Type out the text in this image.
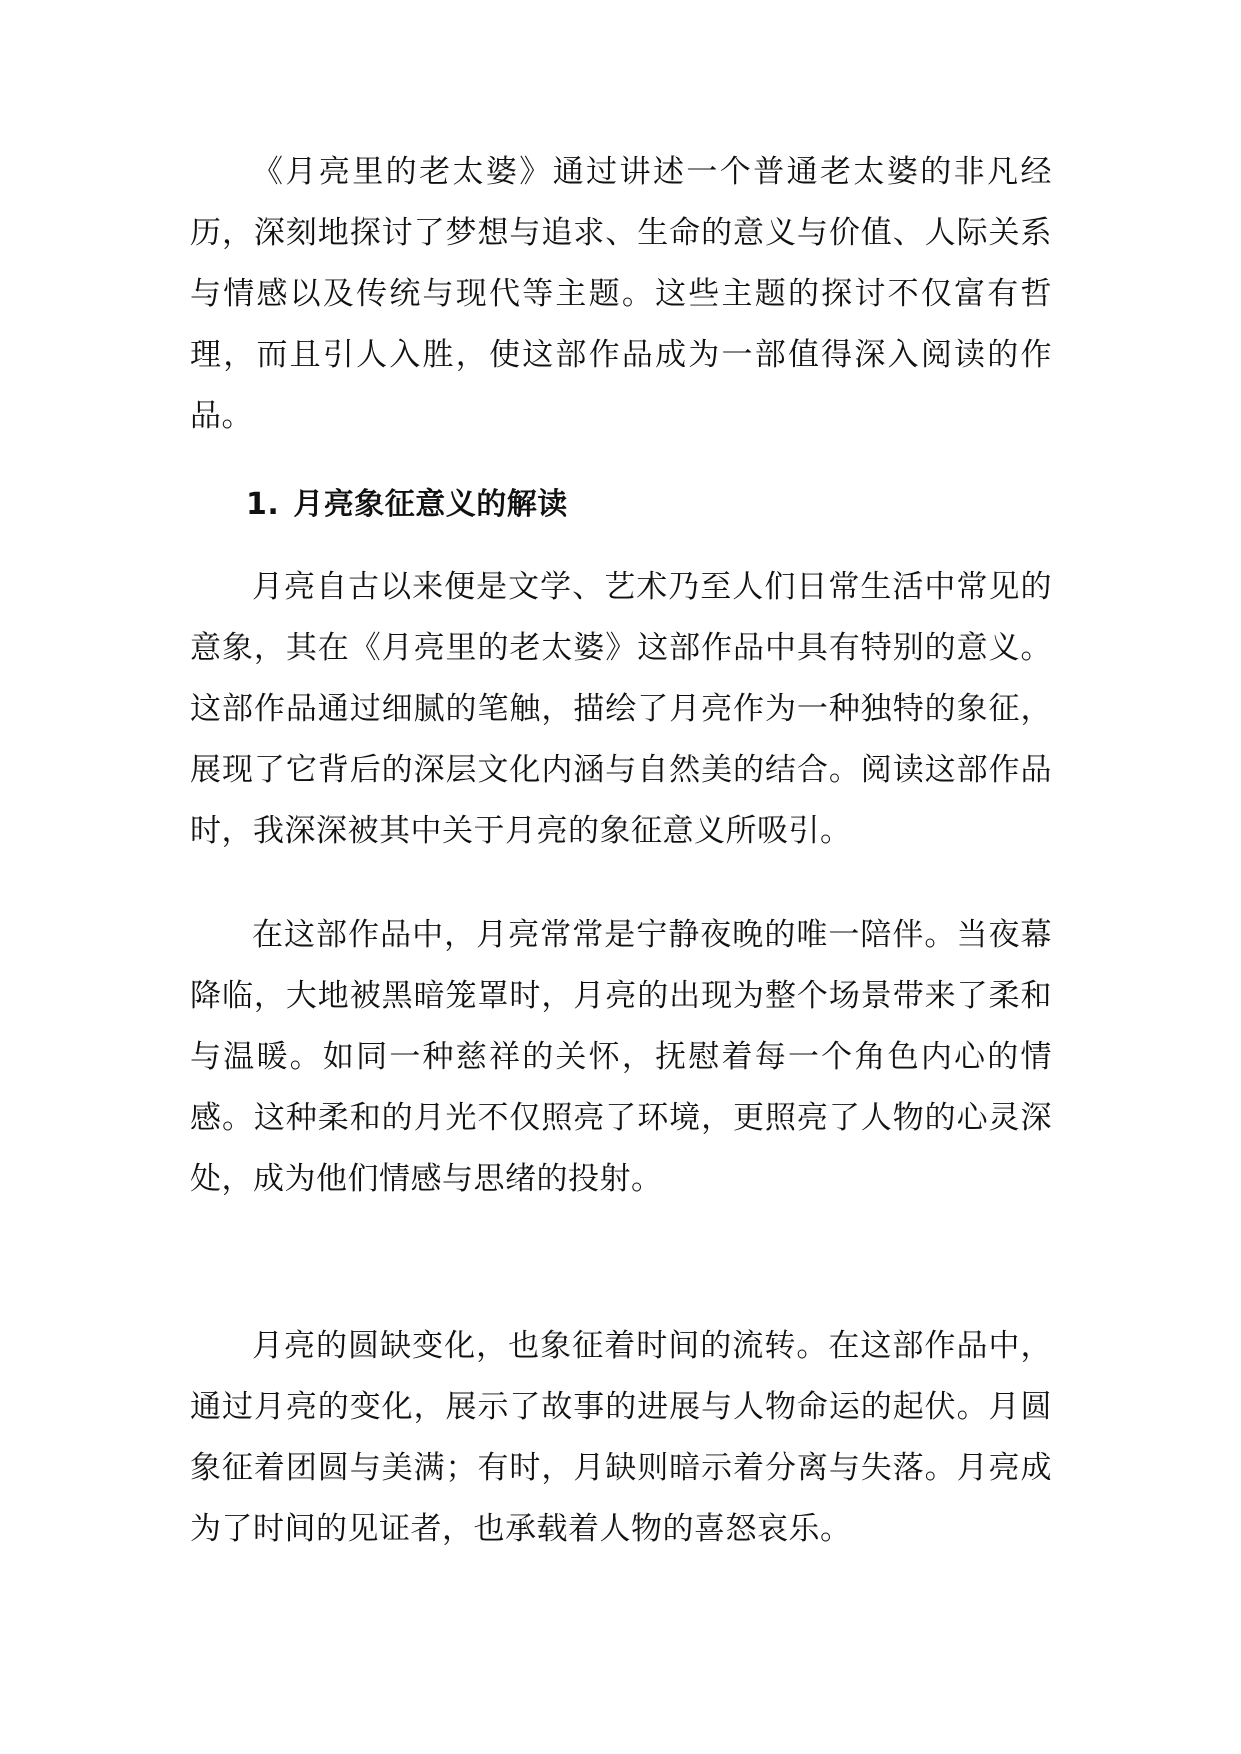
《月亮里的老太婆》通过讲述一个普通老太婆的非凡经历，深刻地探讨了梦想与追求、生命的意义与价值、人际关系与情感以及传统与现代等主题。这些主题的探讨不仅富有哲理，而且引人入胜，使这部作品成为一部值得深入阅读的作品。

1. 月亮象征意义的解读

月亮自古以来便是文学、艺术乃至人们日常生活中常见的意象，其在《月亮里的老太婆》这部作品中具有特别的意义。这部作品通过细腻的笔触，描绘了月亮作为一种独特的象征，展现了它背后的深层文化内涵与自然美的结合。阅读这部作品时，我深深被其中关于月亮的象征意义所吸引。

在这部作品中，月亮常常是宁静夜晚的唯一陪伴。当夜幕降临，大地被黑暗笼罩时，月亮的出现为整个场景带来了柔和与温暖。如同一种慈祥的关怀，抚慰着每一个角色内心的情感。这种柔和的月光不仅照亮了环境，更照亮了人物的心灵深处，成为他们情感与思绪的投射。

月亮的圆缺变化，也象征着时间的流转。在这部作品中，通过月亮的变化，展示了故事的进展与人物命运的起伏。月圆象征着团圆与美满；有时，月缺则暗示着分离与失落。月亮成为了时间的见证者，也承载着人物的喜怒哀乐。
